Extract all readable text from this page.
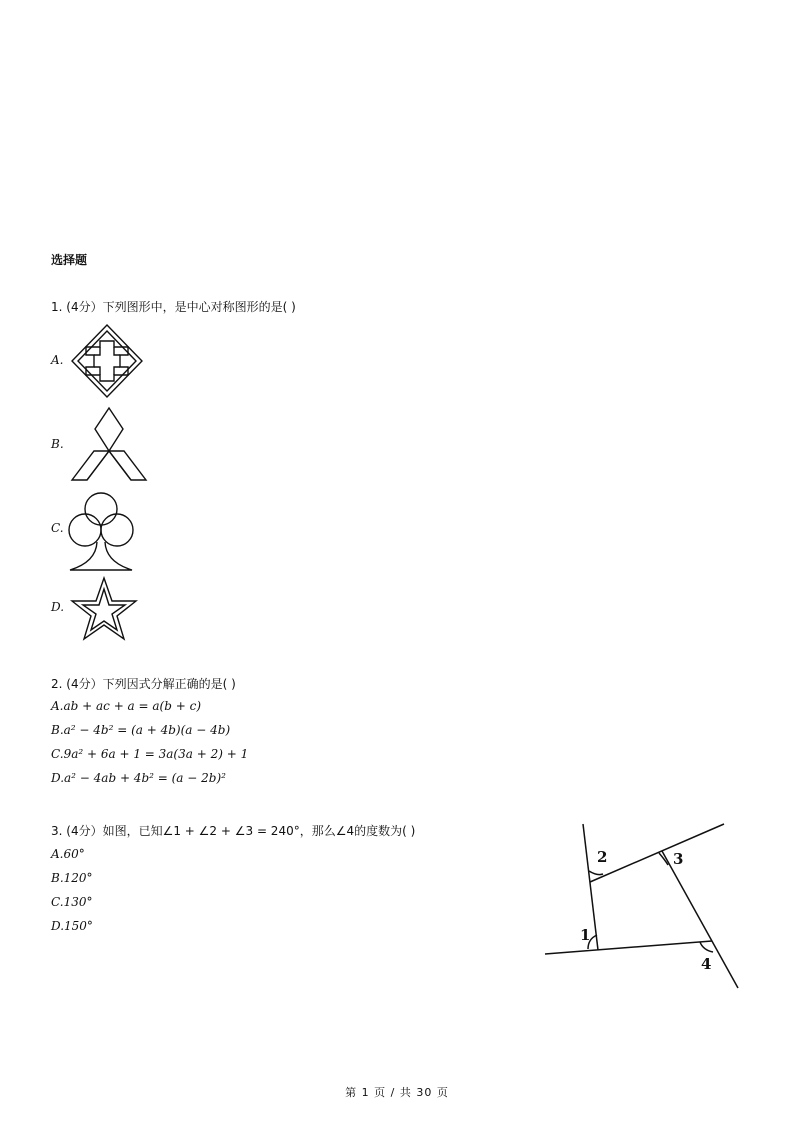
选择题
1. (4分）下列图形中，是中心对称图形的是( )
A.
B.
C.
D.
2. (4分）下列因式分解正确的是( )
A.ab + ac + a = a(b + c)
B.a² − 4b² = (a + 4b)(a − 4b)
C.9a² + 6a + 1 = 3a(3a + 2) + 1
D.a² − 4ab + 4b² = (a − 2b)²
3. (4分）如图，已知∠1 + ∠2 + ∠3 = 240°，那么∠4的度数为( )
A.60°
B.120°
C.130°
D.150°
2	3
1
4
第 1 页 / 共 30 页
